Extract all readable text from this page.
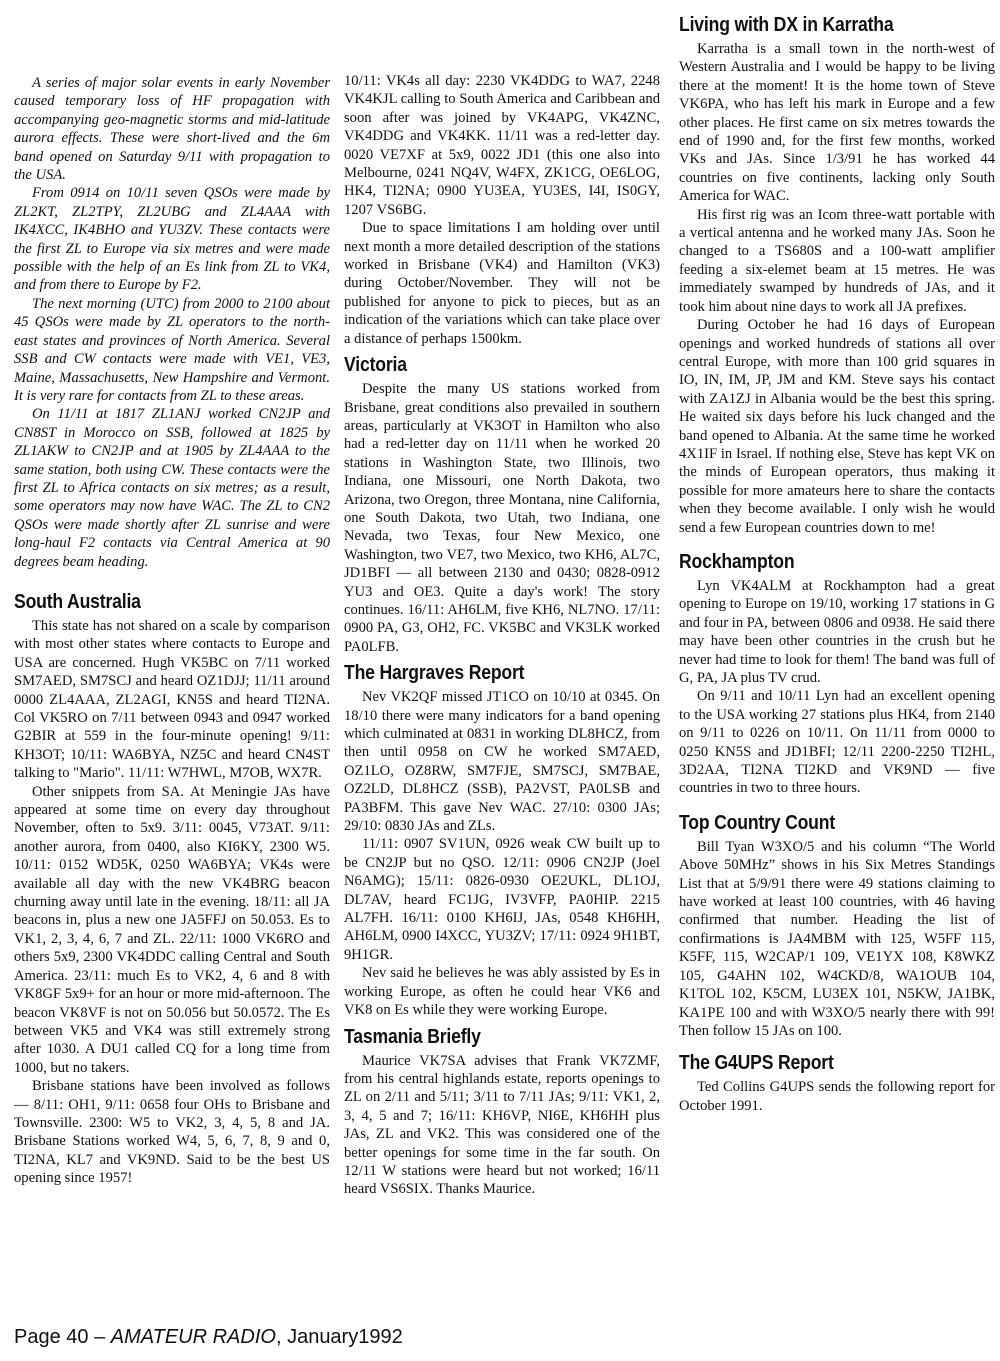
A series of major solar events in early November caused temporary loss of HF propagation with accompanying geo-magnetic storms and mid-latitude aurora effects. These were short-lived and the 6m band opened on Saturday 9/11 with propagation to the USA.

From 0914 on 10/11 seven QSOs were made by ZL2KT, ZL2TPY, ZL2UBG and ZL4AAA with IK4XCC, IK4BHO and YU3ZV. These contacts were the first ZL to Europe via six metres and were made possible with the help of an Es link from ZL to VK4, and from there to Europe by F2.

The next morning (UTC) from 2000 to 2100 about 45 QSOs were made by ZL operators to the north-east states and provinces of North America. Several SSB and CW contacts were made with VE1, VE3, Maine, Massachusetts, New Hampshire and Vermont. It is very rare for contacts from ZL to these areas.

On 11/11 at 1817 ZL1ANJ worked CN2JP and CN8ST in Morocco on SSB, followed at 1825 by ZL1AKW to CN2JP and at 1905 by ZL4AAA to the same station, both using CW. These contacts were the first ZL to Africa contacts on six metres; as a result, some operators may now have WAC. The ZL to CN2 QSOs were made shortly after ZL sunrise and were long-haul F2 contacts via Central America at 90 degrees beam heading.

South Australia

This state has not shared on a scale by comparison with most other states where contacts to Europe and USA are concerned. Hugh VK5BC on 7/11 worked SM7AED, SM7SCJ and heard OZ1DJJ; 11/11 around 0000 ZL4AAA, ZL2AGI, KN5S and heard TI2NA. Col VK5RO on 7/11 between 0943 and 0947 worked G2BIR at 559 in the four-minute opening! 9/11: KH3OT; 10/11: WA6BYA, NZ5C and heard CN4ST talking to "Mario". 11/11: W7HWL, M7OB, WX7R.

Other snippets from SA. At Meningie JAs have appeared at some time on every day throughout November, often to 5x9. 3/11: 0045, V73AT. 9/11: another aurora, from 0400, also KI6KY, 2300 W5. 10/11: 0152 WD5K, 0250 WA6BYA; VK4s were available all day with the new VK4BRG beacon churning away until late in the evening. 18/11: all JA beacons in, plus a new one JA5FFJ on 50.053. Es to VK1, 2, 3, 4, 6, 7 and ZL. 22/11: 1000 VK6RO and others 5x9, 2300 VK4DDC calling Central and South America. 23/11: much Es to VK2, 4, 6 and 8 with VK8GF 5x9+ for an hour or more mid-afternoon. The beacon VK8VF is not on 50.056 but 50.0572. The Es between VK5 and VK4 was still extremely strong after 1030. A DU1 called CQ for a long time from 1000, but no takers.

Brisbane stations have been involved as follows — 8/11: OH1, 9/11: 0658 four OHs to Brisbane and Townsville. 2300: W5 to VK2, 3, 4, 5, 8 and JA. Brisbane Stations worked W4, 5, 6, 7, 8, 9 and 0, TI2NA, KL7 and VK9ND. Said to be the best US opening since 1957!

10/11: VK4s all day: 2230 VK4DDG to WA7, 2248 VK4KJL calling to South America and Caribbean and soon after was joined by VK4APG, VK4ZNC, VK4DDG and VK4KK. 11/11 was a red-letter day. 0020 VE7XF at 5x9, 0022 JD1 (this one also into Melbourne, 0241 NQ4V, W4FX, ZK1CG, OE6LOG, HK4, TI2NA; 0900 YU3EA, YU3ES, I4I, IS0GY, 1207 VS6BG.

Due to space limitations I am holding over until next month a more detailed description of the stations worked in Brisbane (VK4) and Hamilton (VK3) during October/November. They will not be published for anyone to pick to pieces, but as an indication of the variations which can take place over a distance of perhaps 1500km.

Victoria

Despite the many US stations worked from Brisbane, great conditions also prevailed in southern areas, particularly at VK3OT in Hamilton who also had a red-letter day on 11/11 when he worked 20 stations in Washington State, two Illinois, two Indiana, one Missouri, one North Dakota, two Arizona, two Oregon, three Montana, nine California, one South Dakota, two Utah, two Indiana, one Nevada, two Texas, four New Mexico, one Washington, two VE7, two Mexico, two KH6, AL7C, JD1BFI — all between 2130 and 0430; 0828-0912 YU3 and OE3. Quite a day's work! The story continues. 16/11: AH6LM, five KH6, NL7NO. 17/11: 0900 PA, G3, OH2, FC. VK5BC and VK3LK worked PA0LFB.

The Hargraves Report

Nev VK2QF missed JT1CO on 10/10 at 0345. On 18/10 there were many indicators for a band opening which culminated at 0831 in working DL8HCZ, from then until 0958 on CW he worked SM7AED, OZ1LO, OZ8RW, SM7FJE, SM7SCJ, SM7BAE, OZ2LD, DL8HCZ (SSB), PA2VST, PA0LSB and PA3BFM. This gave Nev WAC. 27/10: 0300 JAs; 29/10: 0830 JAs and ZLs.

11/11: 0907 SV1UN, 0926 weak CW built up to be CN2JP but no QSO. 12/11: 0906 CN2JP (Joel N6AMG); 15/11: 0826-0930 OE2UKL, DL1OJ, DL7AV, heard FC1JG, IV3VFP, PA0HIP. 2215 AL7FH. 16/11: 0100 KH6IJ, JAs, 0548 KH6HH, AH6LM, 0900 I4XCC, YU3ZV; 17/11: 0924 9H1BT, 9H1GR.

Nev said he believes he was ably assisted by Es in working Europe, as often he could hear VK6 and VK8 on Es while they were working Europe.

Tasmania Briefly

Maurice VK7SA advises that Frank VK7ZMF, from his central highlands estate, reports openings to ZL on 2/11 and 5/11; 3/11 to 7/11 JAs; 9/11: VK1, 2, 3, 4, 5 and 7; 16/11: KH6VP, NI6E, KH6HH plus JAs, ZL and VK2. This was considered one of the better openings for some time in the far south. On 12/11 W stations were heard but not worked; 16/11 heard VS6SIX. Thanks Maurice.

Living with DX in Karratha

Karratha is a small town in the north-west of Western Australia and I would be happy to be living there at the moment! It is the home town of Steve VK6PA, who has left his mark in Europe and a few other places. He first came on six metres towards the end of 1990 and, for the first few months, worked VKs and JAs. Since 1/3/91 he has worked 44 countries on five continents, lacking only South America for WAC.

His first rig was an Icom three-watt portable with a vertical antenna and he worked many JAs. Soon he changed to a TS680S and a 100-watt amplifier feeding a six-elemet beam at 15 metres. He was immediately swamped by hundreds of JAs, and it took him about nine days to work all JA prefixes.

During October he had 16 days of European openings and worked hundreds of stations all over central Europe, with more than 100 grid squares in IO, IN, IM, JP, JM and KM. Steve says his contact with ZA1ZJ in Albania would be the best this spring. He waited six days before his luck changed and the band opened to Albania. At the same time he worked 4X1IF in Israel. If nothing else, Steve has kept VK on the minds of European operators, thus making it possible for more amateurs here to share the contacts when they become available. I only wish he would send a few European countries down to me!

Rockhampton

Lyn VK4ALM at Rockhampton had a great opening to Europe on 19/10, working 17 stations in G and four in PA, between 0806 and 0938. He said there may have been other countries in the crush but he never had time to look for them! The band was full of G, PA, JA plus TV crud.

On 9/11 and 10/11 Lyn had an excellent opening to the USA working 27 stations plus HK4, from 2140 on 9/11 to 0226 on 10/11. On 11/11 from 0000 to 0250 KN5S and JD1BFI; 12/11 2200-2250 TI2HL, 3D2AA, TI2NA TI2KD and VK9ND — five countries in two to three hours.

Top Country Count

Bill Tyan W3XO/5 and his column “The World Above 50MHz” shows in his Six Metres Standings List that at 5/9/91 there were 49 stations claiming to have worked at least 100 countries, with 46 having confirmed that number. Heading the list of confirmations is JA4MBM with 125, W5FF 115, K5FF, 115, W2CAP/1 109, VE1YX 108, K8WKZ 105, G4AHN 102, W4CKD/8, WA1OUB 104, K1TOL 102, K5CM, LU3EX 101, N5KW, JA1BK, KA1PE 100 and with W3XO/5 nearly there with 99! Then follow 15 JAs on 100.

The G4UPS Report

Ted Collins G4UPS sends the following report for October 1991.

Page 40 – AMATEUR RADIO, January1992
